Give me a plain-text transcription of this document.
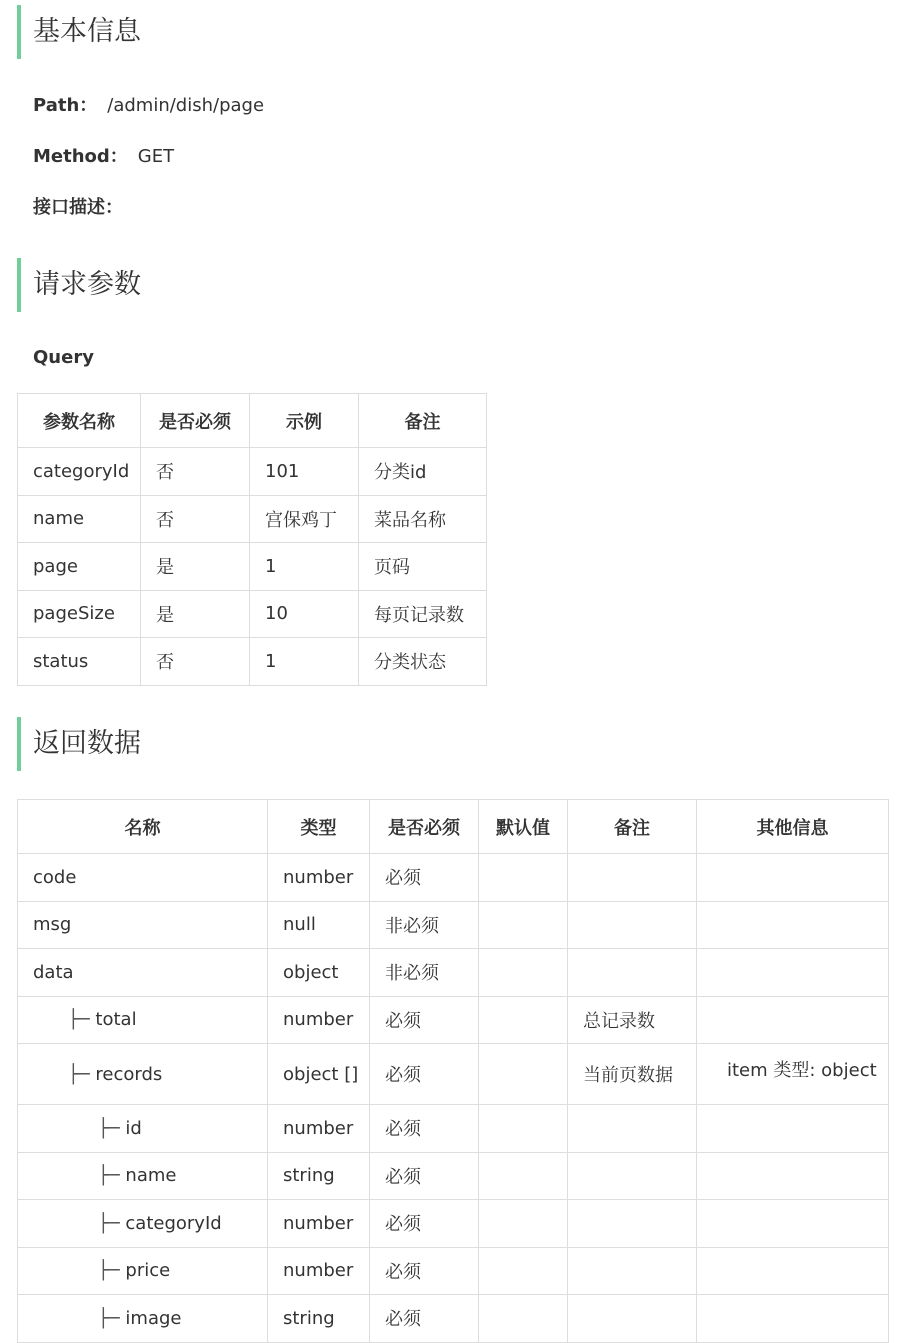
基本信息
Path： /admin/dish/page
Method： GET
接口描述：
请求参数
Query
参数名称	是否必须	示例	备注
categoryId	否	101	分类id
name	否	宫保鸡丁	菜品名称
page	是	1	页码
pageSize	是	10	每页记录数
status	否	1	分类状态
返回数据
名称	类型	是否必须	默认值	备注	其他信息
code	number	必须			
msg	null	非必须			
data	object	非必须			
├─ total	number	必须		总记录数	
├─ records	object []	必须		当前页数据	item 类型: object
├─ id	number	必须			
├─ name	string	必须			
├─ categoryId	number	必须			
├─ price	number	必须			
├─ image	string	必须			
